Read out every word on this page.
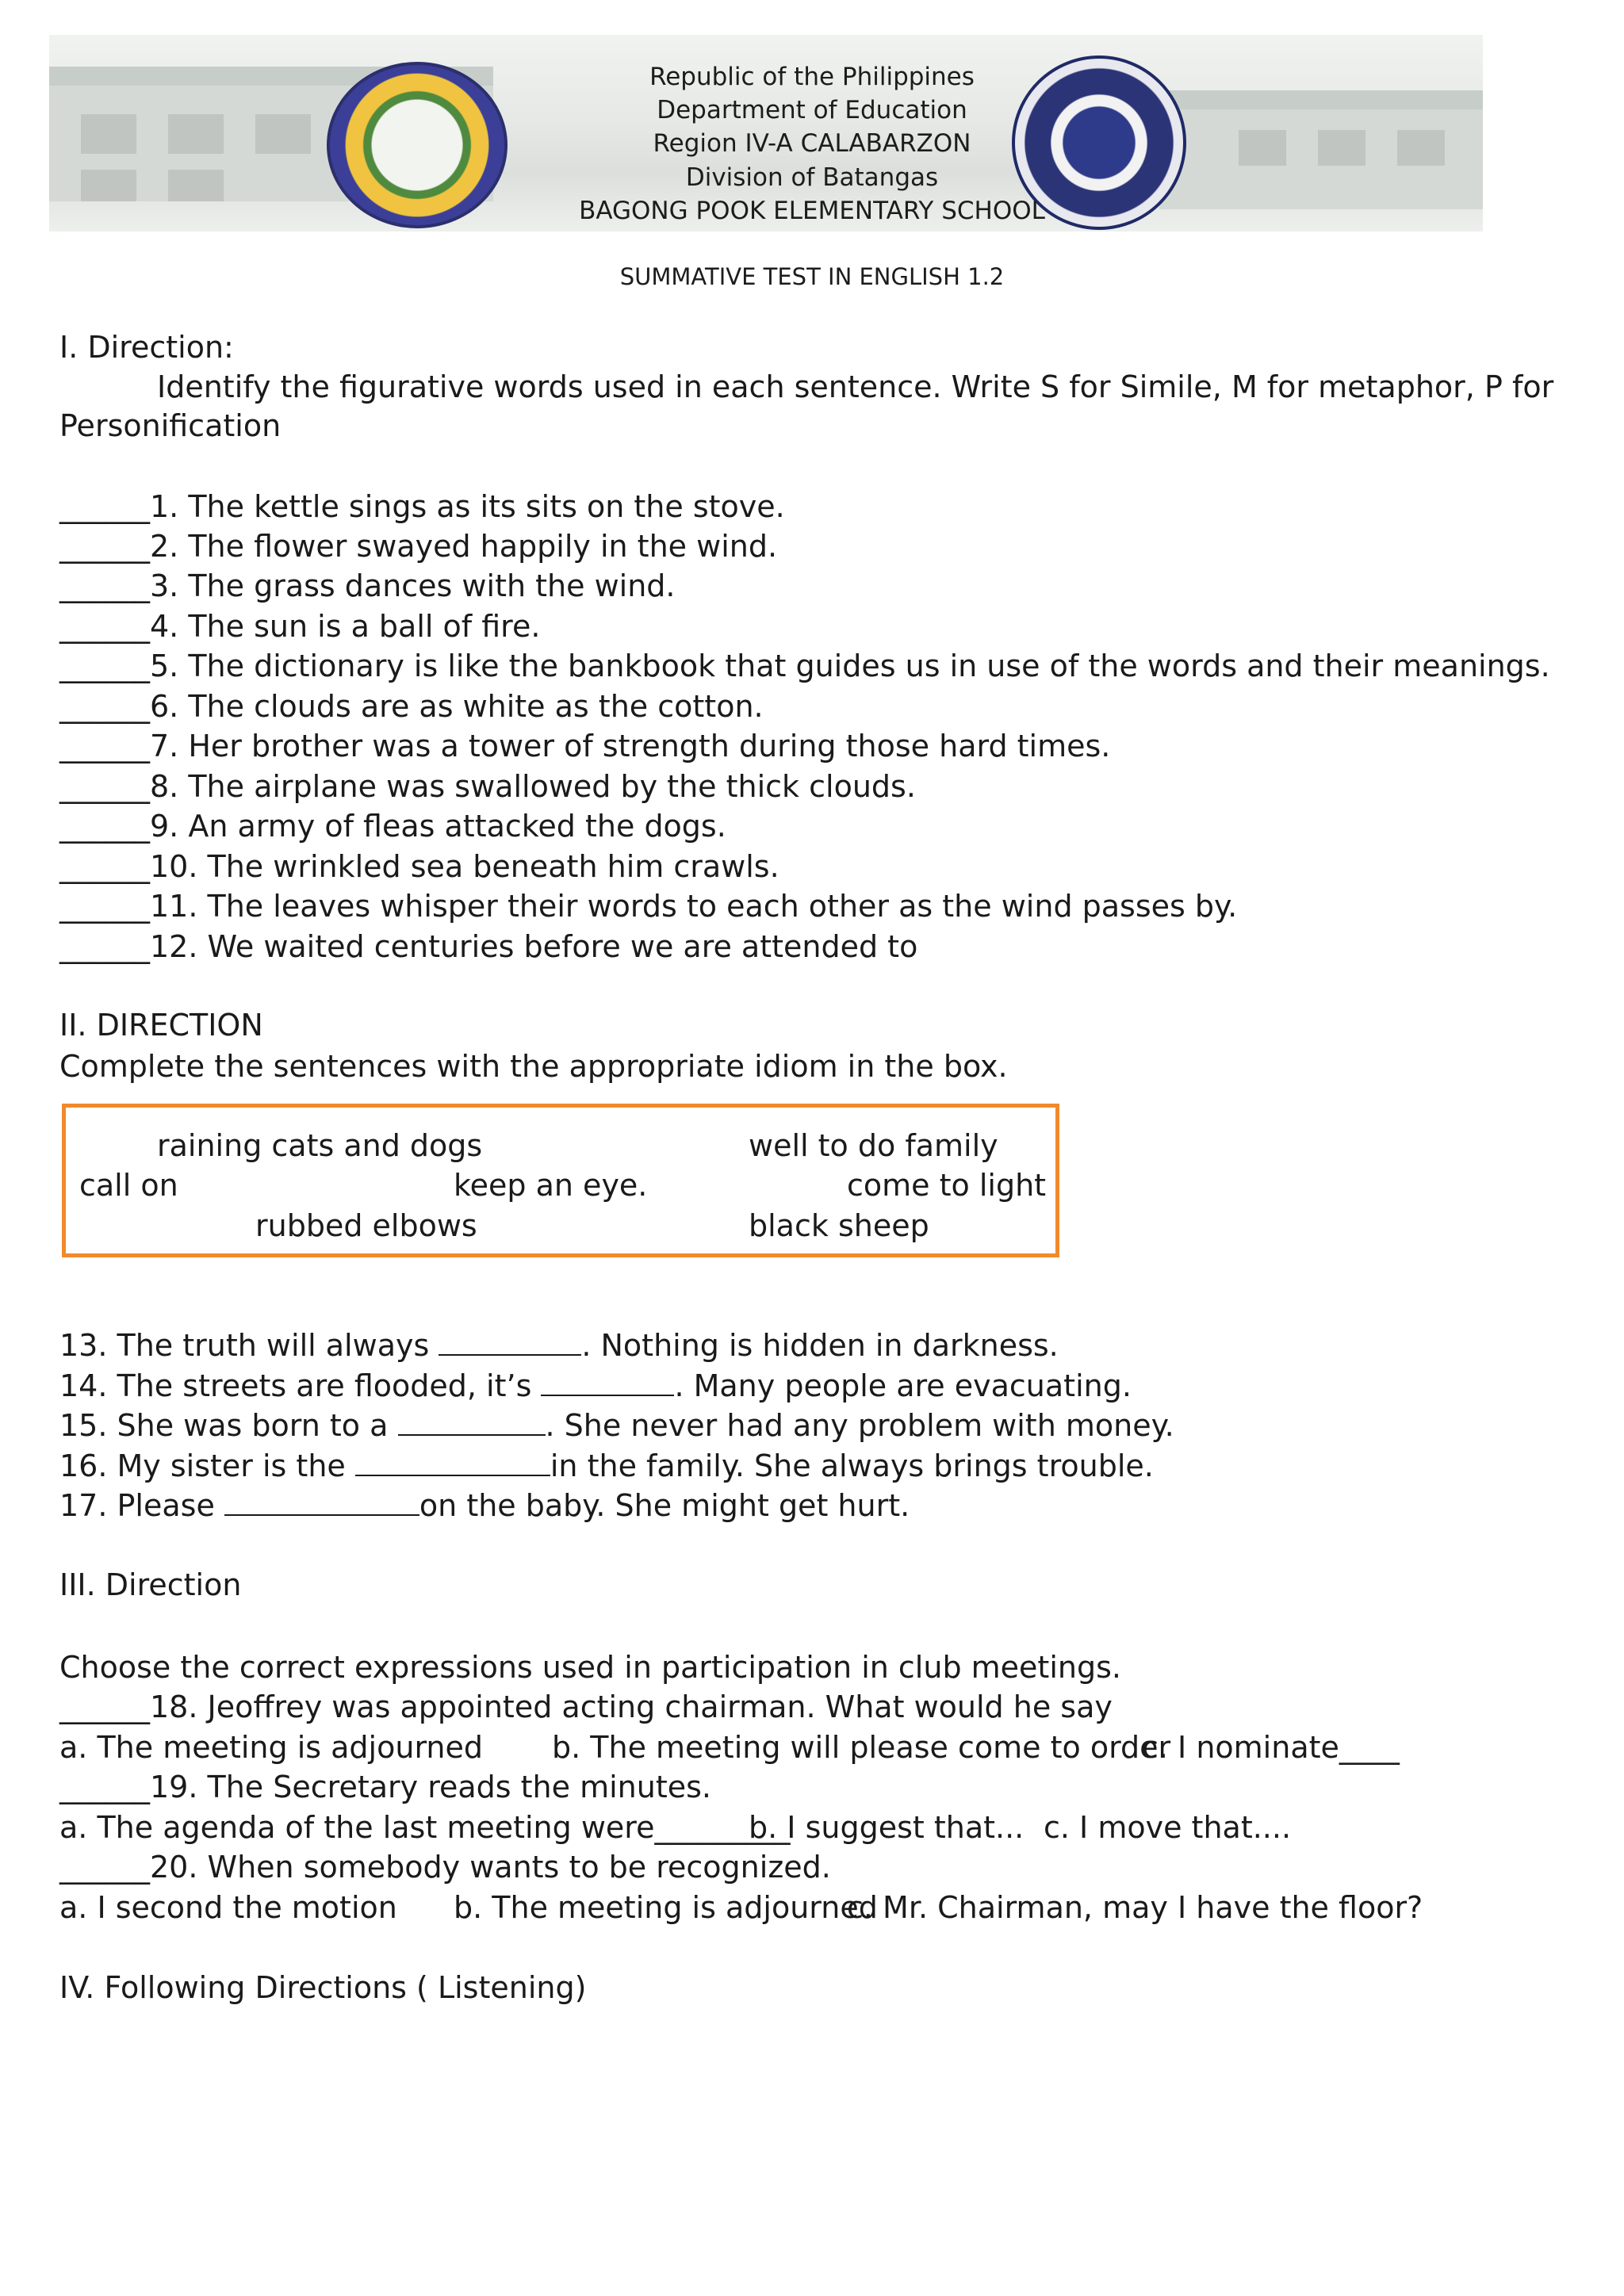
Republic of the Philippines
Department of Education
Region IV-A CALABARZON
Division of Batangas
BAGONG POOK ELEMENTARY SCHOOL
SUMMATIVE TEST IN ENGLISH 1.2
I. Direction:
Identify the figurative words used in each sentence. Write S for Simile, M for metaphor, P for
Personification
______1. The kettle sings as its sits on the stove.
______2. The flower swayed happily in the wind.
______3. The grass dances with the wind.
______4. The sun is a ball of fire.
______5. The dictionary is like the bankbook that guides us in use of the words and their meanings.
______6. The clouds are as white as the cotton.
______7. Her brother was a tower of strength during those hard times.
______8. The airplane was swallowed by the thick clouds.
______9. An army of fleas attacked the dogs.
______10. The wrinkled sea beneath him crawls.
______11. The leaves whisper their words to each other as the wind passes by.
______12. We waited centuries before we are attended to
II. DIRECTION
Complete the sentences with the appropriate idiom in the box.
raining cats and dogs	well to do family
call on	keep an eye.	come to light
rubbed elbows	black sheep
13. The truth will always	. Nothing is hidden in darkness.
14. The streets are flooded, it’s	. Many people are evacuating.
15. She was born to a	. She never had any problem with money.
16. My sister is the	in the family. She always brings trouble.
17. Please	on the baby. She might get hurt.
III. Direction
Choose the correct expressions used in participation in club meetings.
______18. Jeoffrey was appointed acting chairman. What would he say
a. The meeting is adjourned b. The meeting will please come to order
c. I nominate____
______19. The Secretary reads the minutes.
a. The agenda of the last meeting were_________
b. I suggest that... c. I move that....
______20. When somebody wants to be recognized.
a. I second the motion b. The meeting is adjourned
c. Mr. Chairman, may I have the floor?
IV. Following Directions ( Listening)
